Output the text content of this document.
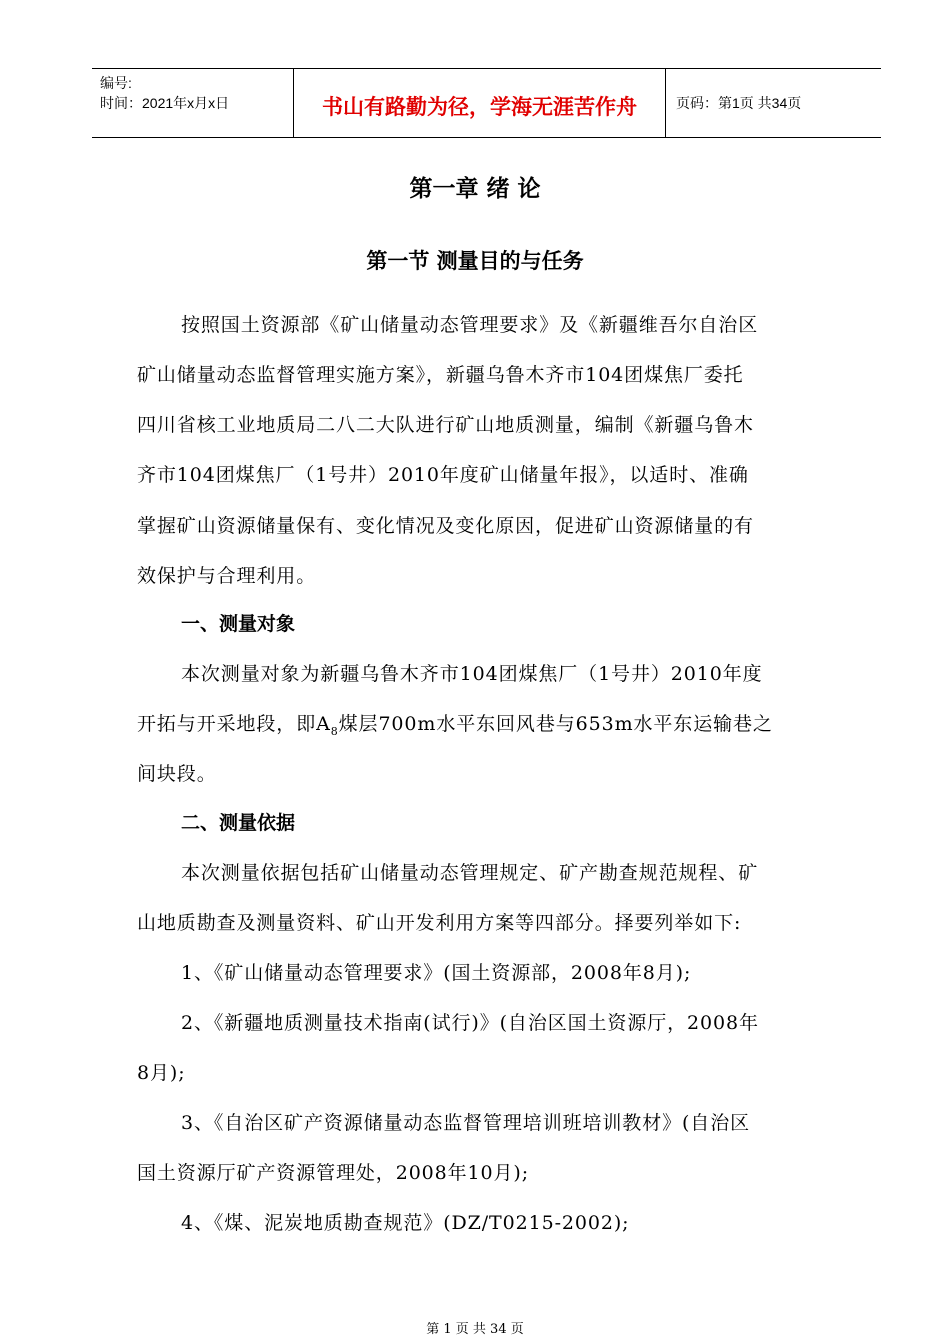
编号:
时间：2021年x月x日	书山有路勤为径，学海无涯苦作舟	页码：第1页 共34页
第一章 绪 论
第一节 测量目的与任务
按照国土资源部《矿山储量动态管理要求》及《新疆维吾尔自治区
矿山储量动态监督管理实施方案》，新疆乌鲁木齐市104团煤焦厂委托
四川省核工业地质局二八二大队进行矿山地质测量，编制《新疆乌鲁木
齐市104团煤焦厂（1号井）2010年度矿山储量年报》，以适时、准确
掌握矿山资源储量保有、变化情况及变化原因，促进矿山资源储量的有
效保护与合理利用。
一、测量对象
本次测量对象为新疆乌鲁木齐市104团煤焦厂（1号井）2010年度
开拓与开采地段，即$A_8$煤层700m水平东回风巷与653m水平东运输巷之
间块段。
二、测量依据
本次测量依据包括矿山储量动态管理规定、矿产勘查规范规程、矿
山地质勘查及测量资料、矿山开发利用方案等四部分。择要列举如下:
1、《矿山储量动态管理要求》(国土资源部，2008年8月);
2、《新疆地质测量技术指南(试行)》(自治区国土资源厅，2008年
8月);
3、《自治区矿产资源储量动态监督管理培训班培训教材》(自治区
国土资源厅矿产资源管理处，2008年10月);
4、《煤、泥炭地质勘查规范》(DZ/T0215-2002);
第 1 页 共 34 页
